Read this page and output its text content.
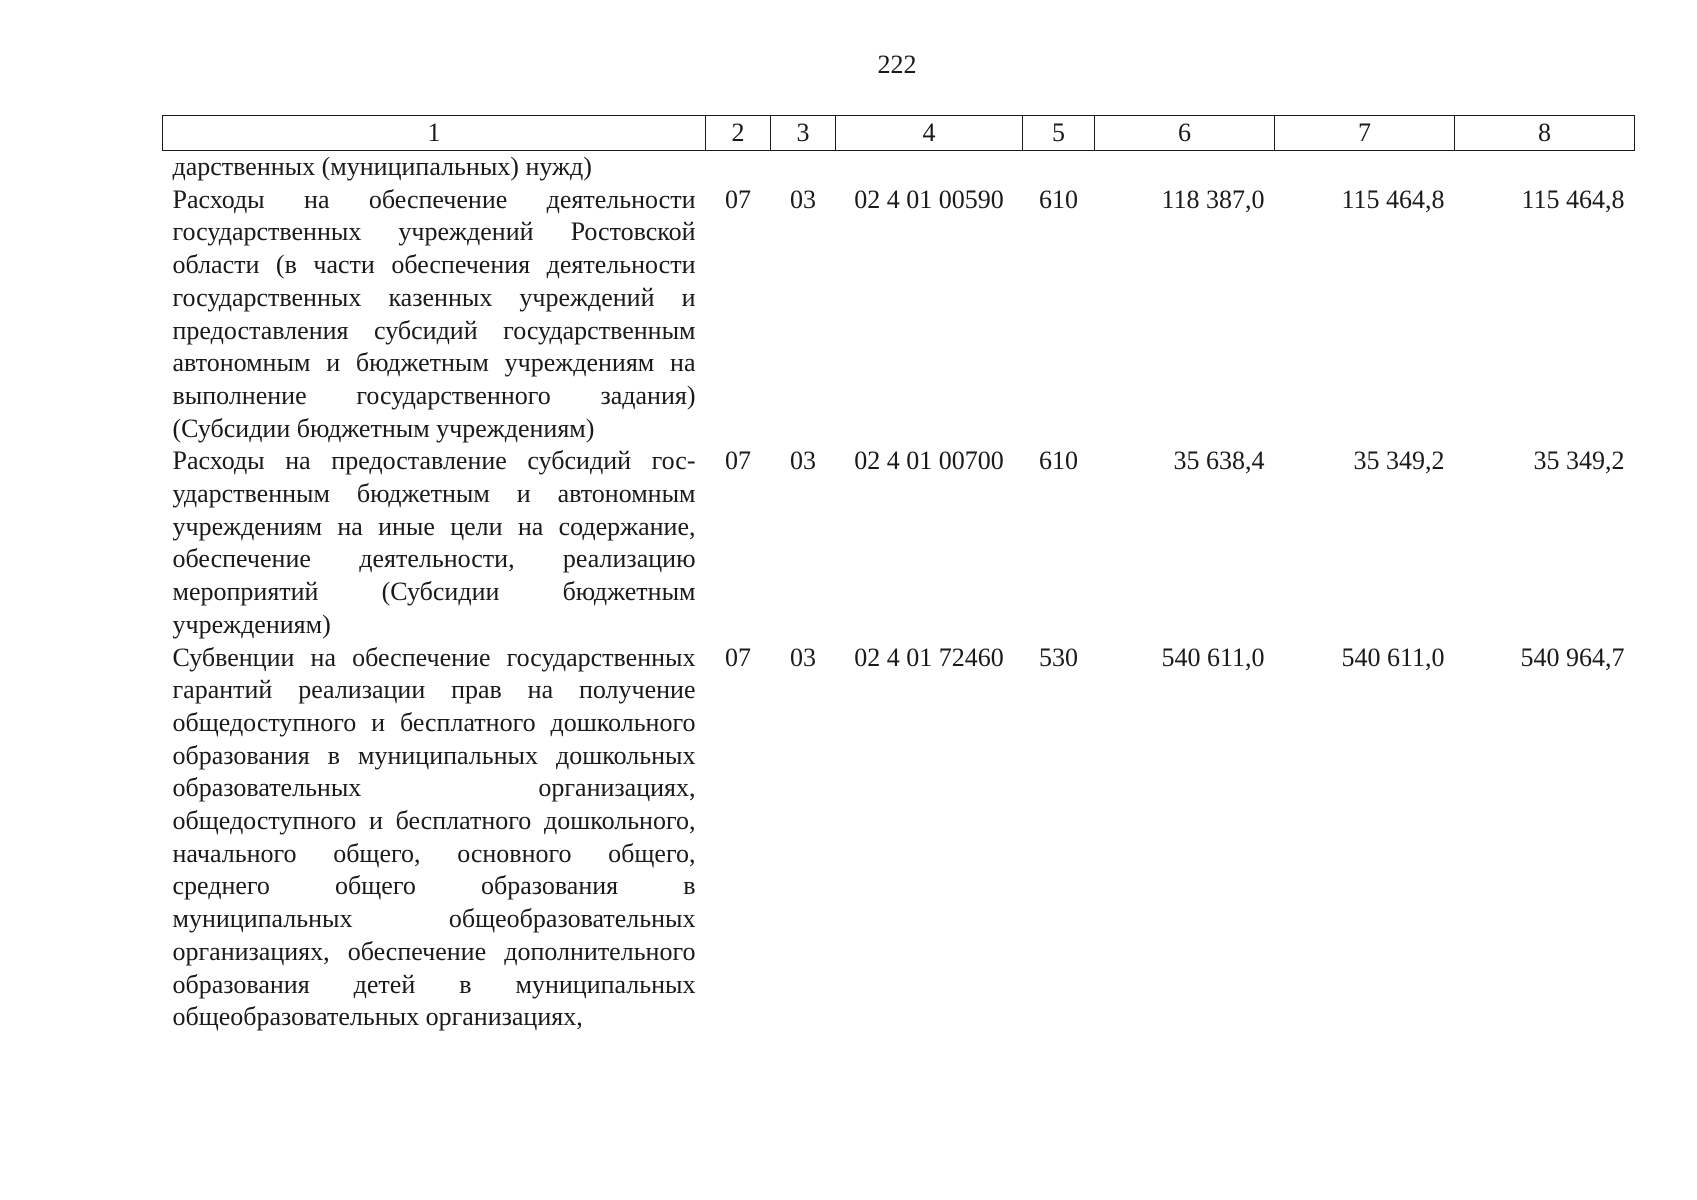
222
1	2	3	4	5	6	7	8
дарственных (муниципальных) нужд)							
Расходы на обеспечение деятельности государственных учреждений Ростовской области (в части обеспечения деятельности государственных казенных учреждений и предоставления субсидий государственным автономным и бюджетным учреждениям на выполнение государственного задания) (Субсидии бюджетным учреждениям)	07	03	02 4 01 00590	610	118 387,0	115 464,8	115 464,8
Расходы на предоставление субсидий государственным бюджетным и автономным учреждениям на иные цели на содержание, обеспечение деятельности, реализацию мероприятий (Субсидии бюджетным учреждениям)	07	03	02 4 01 00700	610	35 638,4	35 349,2	35 349,2
Субвенции на обеспечение государственных гарантий реализации прав на получение общедоступного и бесплатного дошкольного образования в муниципальных дошкольных образовательных организациях, общедоступного и бесплатного дошкольного, начального общего, основного общего, среднего общего образования в муниципальных общеобразовательных организациях, обеспечение дополнительного образования детей в муниципальных общеобразовательных организациях,	07	03	02 4 01 72460	530	540 611,0	540 611,0	540 964,7
